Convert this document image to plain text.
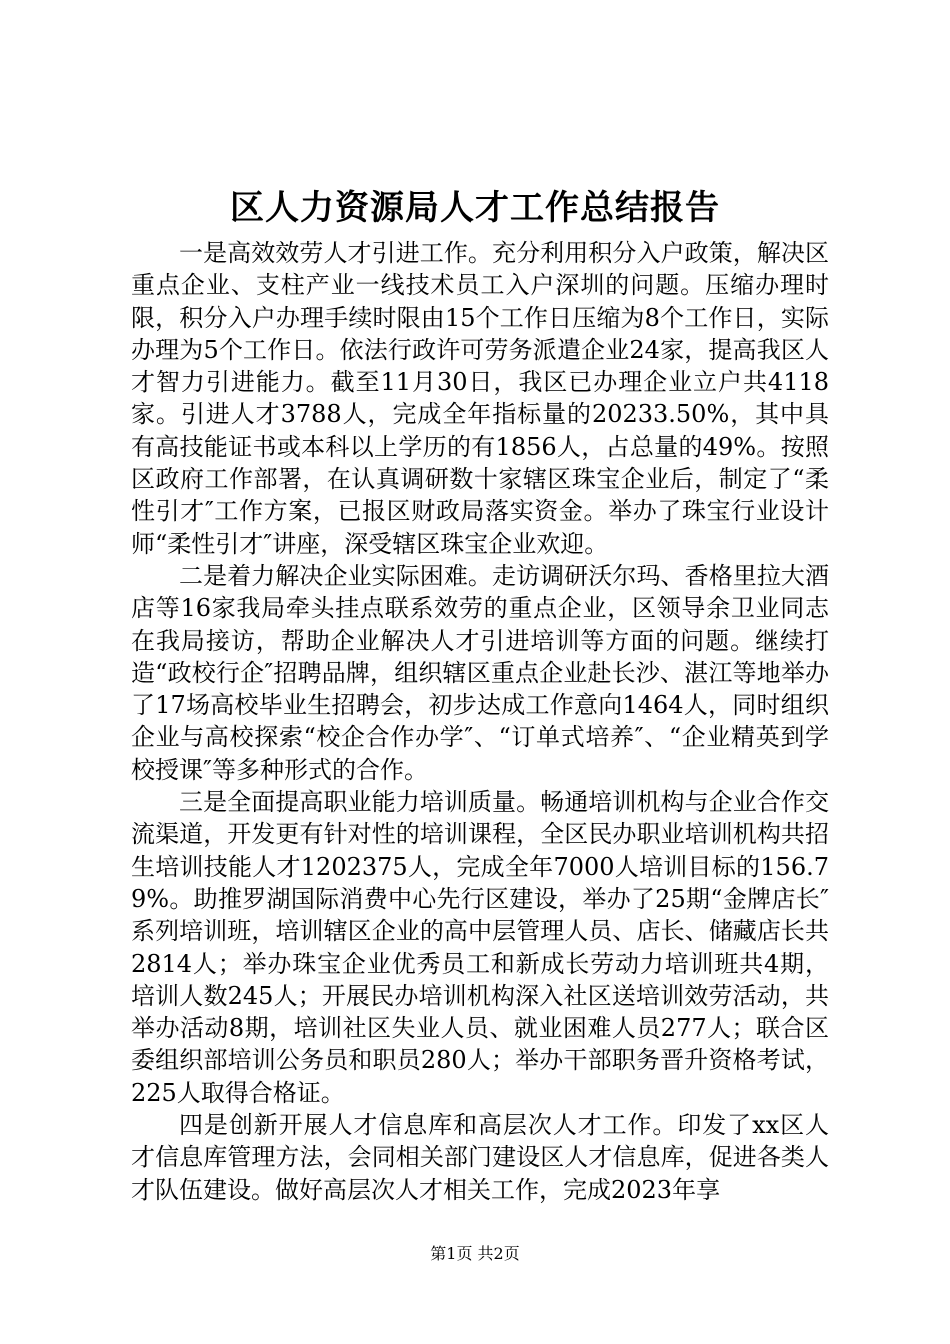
区人力资源局人才工作总结报告

一是高效效劳人才引进工作。充分利用积分入户政策，解决区重点企业、支柱产业一线技术员工入户深圳的问题。压缩办理时限，积分入户办理手续时限由15个工作日压缩为8个工作日，实际办理为5个工作日。依法行政许可劳务派遣企业24家，提高我区人才智力引进能力。截至11月30日，我区已办理企业立户共4118家。引进人才3788人，完成全年指标量的20233.50%，其中具有高技能证书或本科以上学历的有1856人，占总量的49%。按照区政府工作部署，在认真调研数十家辖区珠宝企业后，制定了“柔性引才″工作方案，已报区财政局落实资金。举办了珠宝行业设计师“柔性引才″讲座，深受辖区珠宝企业欢迎。

二是着力解决企业实际困难。走访调研沃尔玛、香格里拉大酒店等16家我局牵头挂点联系效劳的重点企业，区领导余卫业同志在我局接访，帮助企业解决人才引进培训等方面的问题。继续打造“政校行企″招聘品牌，组织辖区重点企业赴长沙、湛江等地举办了17场高校毕业生招聘会，初步达成工作意向1464人，同时组织企业与高校探索“校企合作办学″、“订单式培养″、“企业精英到学校授课″等多种形式的合作。

三是全面提高职业能力培训质量。畅通培训机构与企业合作交流渠道，开发更有针对性的培训课程，全区民办职业培训机构共招生培训技能人才1202375人，完成全年7000人培训目标的156.79%。助推罗湖国际消费中心先行区建设，举办了25期“金牌店长″系列培训班，培训辖区企业的高中层管理人员、店长、储藏店长共2814人；举办珠宝企业优秀员工和新成长劳动力培训班共4期，培训人数245人；开展民办培训机构深入社区送培训效劳活动，共举办活动8期，培训社区失业人员、就业困难人员277人；联合区委组织部培训公务员和职员280人；举办干部职务晋升资格考试，225人取得合格证。

四是创新开展人才信息库和高层次人才工作。印发了xx区人才信息库管理方法，会同相关部门建设区人才信息库，促进各类人才队伍建设。做好高层次人才相关工作，完成2023年享

第1页 共2页
